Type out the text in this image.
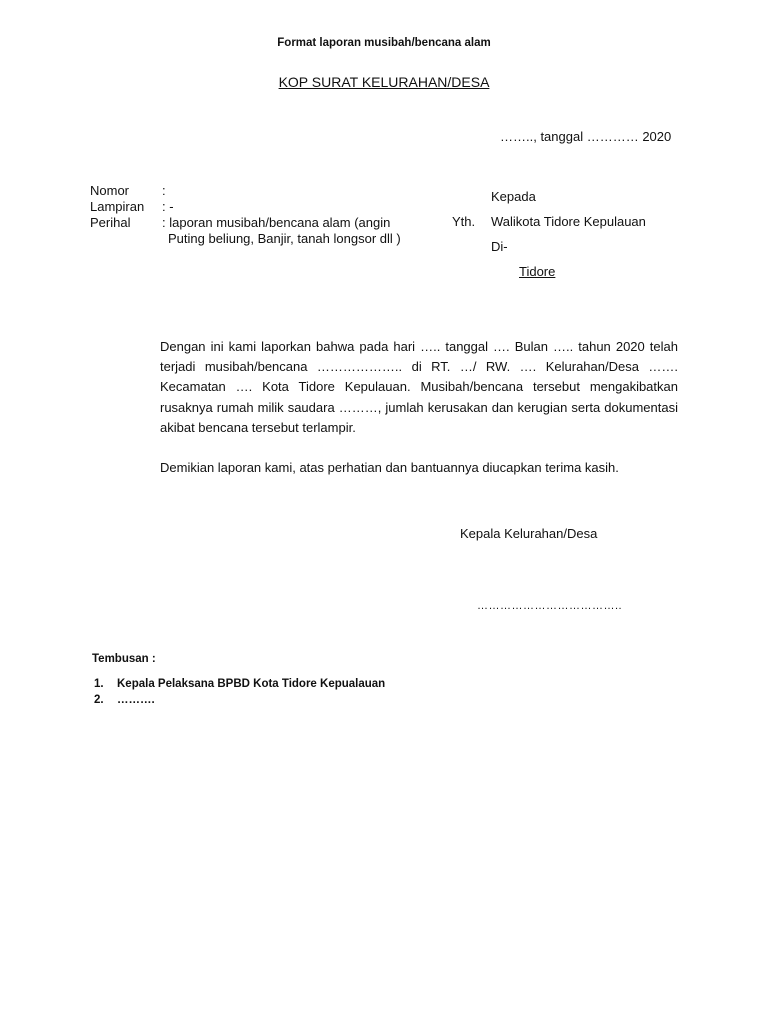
Format laporan musibah/bencana alam
KOP SURAT KELURAHAN/DESA
…….., tanggal ………… 2020
Nomor	:
Lampiran : -
Perihal : laporan musibah/bencana alam (angin
Puting beliung, Banjir, tanah longsor dll )
Kepada
Yth. Walikota Tidore Kepulauan
Di-
Tidore
Dengan ini kami laporkan bahwa pada hari ….. tanggal …. Bulan ….. tahun 2020 telah terjadi musibah/bencana ……………….. di RT. …/ RW. …. Kelurahan/Desa ……. Kecamatan …. Kota Tidore Kepulauan. Musibah/bencana tersebut mengakibatkan rusaknya rumah milik saudara ………, jumlah kerusakan dan kerugian serta dokumentasi akibat bencana tersebut terlampir.
Demikian laporan kami, atas perhatian dan bantuannya diucapkan terima kasih.
Kepala Kelurahan/Desa
………………………………..
Tembusan :
1. Kepala Pelaksana BPBD Kota Tidore Kepualauan
2. ……….
